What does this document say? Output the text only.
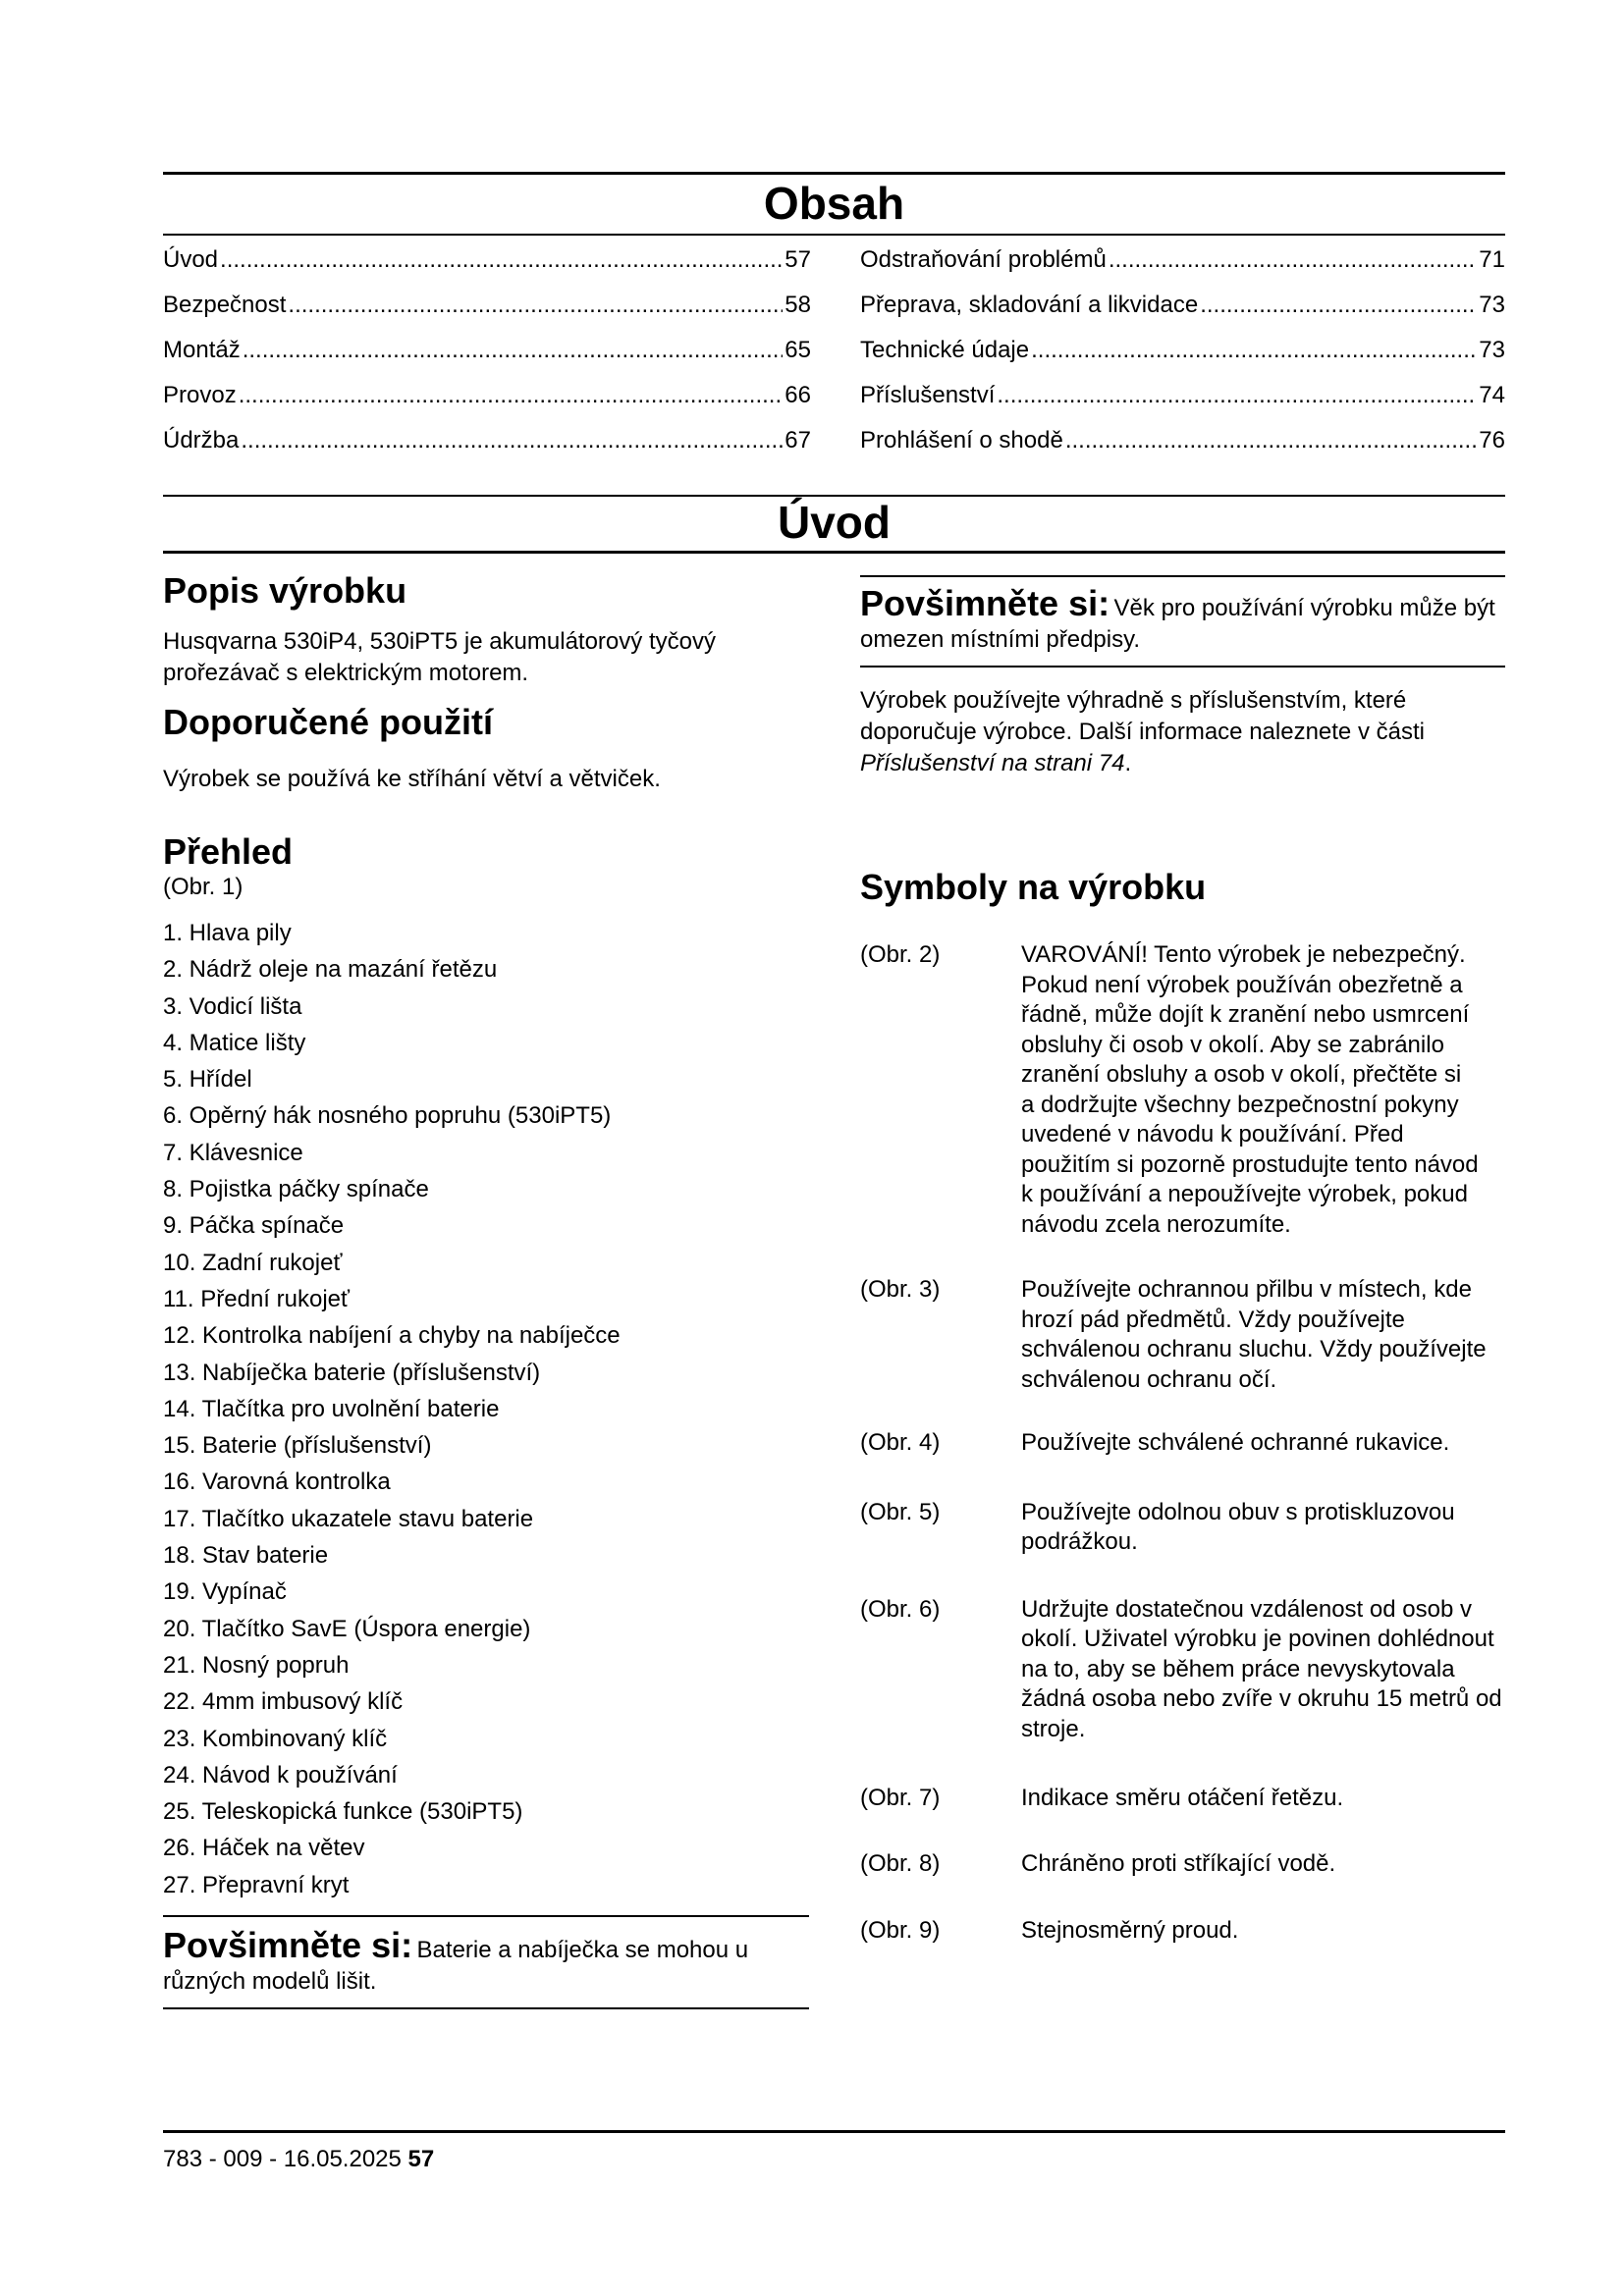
Obsah
Úvod .....	57
Bezpečnost .....	58
Montáž .....	65
Provoz .....	66
Údržba .....	67
Odstraňování problémů .....	71
Přeprava, skladování a likvidace .....	73
Technické údaje .....	73
Příslušenství .....	74
Prohlášení o shodě .....	76
Úvod
Popis výrobku

Husqvarna 530iP4, 530iPT5 je akumulátorový tyčový prořezávač s elektrickým motorem.

Doporučené použití

Výrobek se používá ke stříhání větví a větviček.

Přehled

(Obr. 1)

1. Hlava pily
2. Nádrž oleje na mazání řetězu
3. Vodicí lišta
4. Matice lišty
5. Hřídel
6. Opěrný hák nosného popruhu (530iPT5)
7. Klávesnice
8. Pojistka páčky spínače
9. Páčka spínače
10. Zadní rukojeť
11. Přední rukojeť
12. Kontrolka nabíjení a chyby na nabíječce
13. Nabíječka baterie (příslušenství)
14. Tlačítka pro uvolnění baterie
15. Baterie (příslušenství)
16. Varovná kontrolka
17. Tlačítko ukazatele stavu baterie
18. Stav baterie
19. Vypínač
20. Tlačítko SavE (Úspora energie)
21. Nosný popruh
22. 4mm imbusový klíč
23. Kombinovaný klíč
24. Návod k používání
25. Teleskopická funkce (530iPT5)
26. Háček na větev
27. Přepravní kryt
Povšimněte si: Baterie a nabíječka se mohou u různých modelů lišit.
Povšimněte si: Věk pro používání výrobku může být omezen místními předpisy.

Výrobek používejte výhradně s příslušenstvím, které doporučuje výrobce. Další informace naleznete v části Příslušenství na strani 74.

Symboly na výrobku
(Obr. 2)	VAROVÁNÍ! Tento výrobek je nebezpečný. Pokud není výrobek používán obezřetně a řádně, může dojít k zranění nebo usmrcení obsluhy či osob v okolí. Aby se zabránilo zranění obsluhy a osob v okolí, přečtěte si a dodržujte všechny bezpečnostní pokyny uvedené v návodu k používání. Před použitím si pozorně prostudujte tento návod k používání a nepoužívejte výrobek, pokud návodu zcela nerozumíte.
(Obr. 3)	Používejte ochrannou přilbu v místech, kde hrozí pád předmětů. Vždy používejte schválenou ochranu sluchu. Vždy používejte schválenou ochranu očí.
(Obr. 4)	Používejte schválené ochranné rukavice.
(Obr. 5)	Používejte odolnou obuv s protiskluzovou podrážkou.
(Obr. 6)	Udržujte dostatečnou vzdálenost od osob v okolí. Uživatel výrobku je povinen dohlédnout na to, aby se během práce nevyskytovala žádná osoba nebo zvíře v okruhu 15 metrů od stroje.
(Obr. 7)	Indikace směru otáčení řetězu.
(Obr. 8)	Chráněno proti stříkající vodě.
(Obr. 9)	Stejnosměrný proud.
783 - 009 - 16.05.2025 57
